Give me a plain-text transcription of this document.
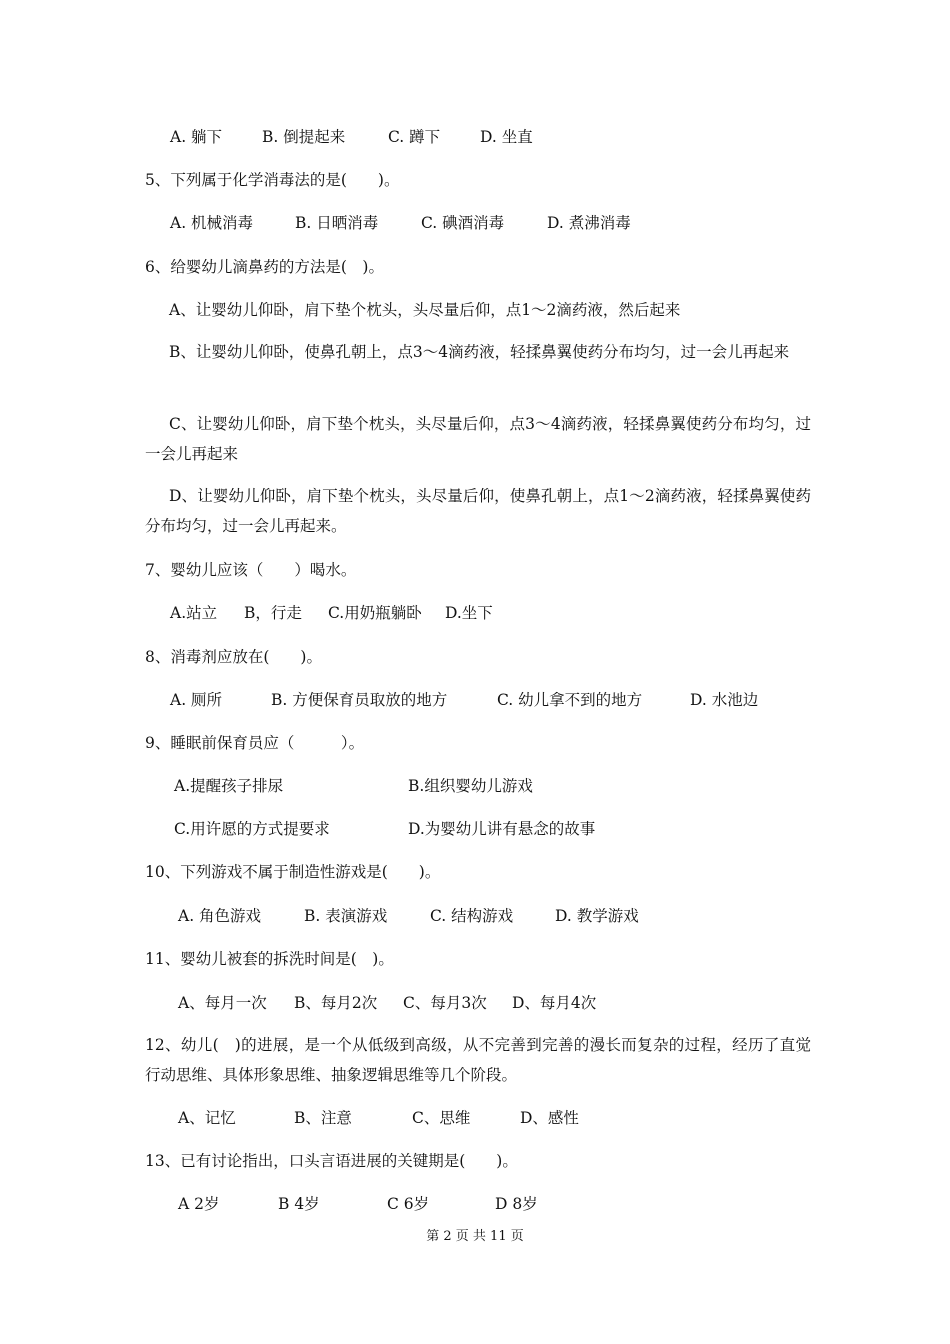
A. 躺下	B. 倒提起来	C. 蹲下	D. 坐直

5、下列属于化学消毒法的是(　　)。

A. 机械消毒	B. 日晒消毒	C. 碘酒消毒	D. 煮沸消毒

6、给婴幼儿滴鼻药的方法是(　)。

A、让婴幼儿仰卧，肩下垫个枕头，头尽量后仰，点1～2滴药液，然后起来

B、让婴幼儿仰卧，使鼻孔朝上，点3～4滴药液，轻揉鼻翼使药分布均匀，过一会儿再起来

C、让婴幼儿仰卧，肩下垫个枕头，头尽量后仰，点3～4滴药液，轻揉鼻翼使药分布均匀，过一会儿再起来

D、让婴幼儿仰卧，肩下垫个枕头，头尽量后仰，使鼻孔朝上，点1～2滴药液，轻揉鼻翼使药分布均匀，过一会儿再起来。

7、婴幼儿应该（　　）喝水。

A.站立 B，行走 C.用奶瓶躺卧 D.坐下

8、消毒剂应放在(　　)。

A. 厕所	B. 方便保育员取放的地方	C. 幼儿拿不到的地方	D. 水池边

9、睡眠前保育员应（　　　）。

A.提醒孩子排尿	B.组织婴幼儿游戏
C.用许愿的方式提要求	D.为婴幼儿讲有悬念的故事

10、下列游戏不属于制造性游戏是(　　)。

A. 角色游戏	B. 表演游戏	C. 结构游戏	D. 教学游戏

11、婴幼儿被套的拆洗时间是(　)。

A、每月一次 B、每月2次 C、每月3次 D、每月4次

12、幼儿(　)的进展，是一个从低级到高级，从不完善到完善的漫长而复杂的过程，经历了直觉行动思维、具体形象思维、抽象逻辑思维等几个阶段。

A、记忆	B、注意	C、思维	D、感性

13、已有讨论指出，口头言语进展的关键期是(　　)。

A 2岁	B 4岁	C 6岁	D 8岁

第 2 页 共 11 页
